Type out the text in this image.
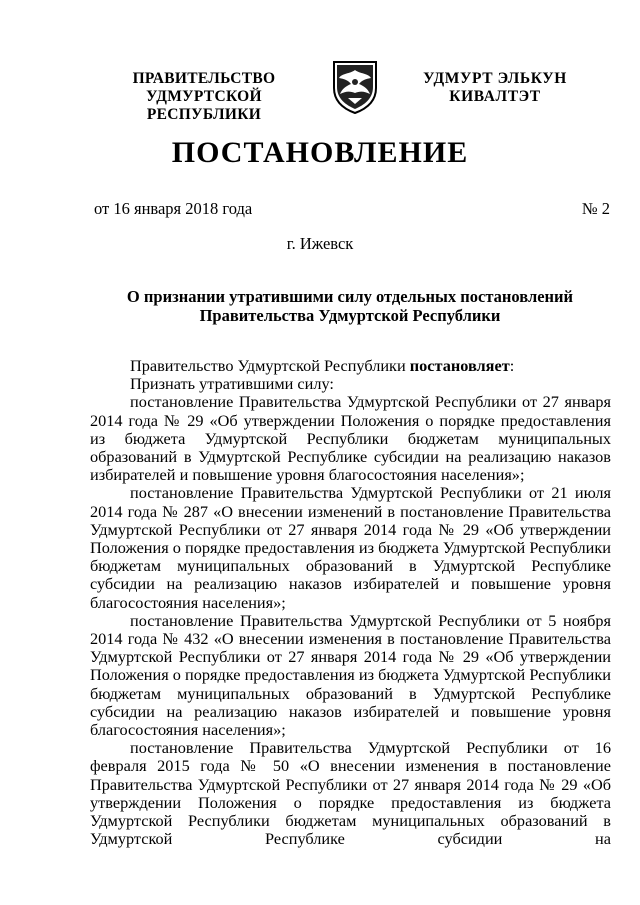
ПРАВИТЕЛЬСТВО
УДМУРТСКОЙ РЕСПУБЛИКИ
УДМУРТ ЭЛЬКУН
КИВАЛТЭТ
ПОСТАНОВЛЕНИЕ
от 16 января 2018 года	№ 2
г. Ижевск
О признании утратившими силу отдельных постановлений
Правительства Удмуртской Республики

Правительство Удмуртской Республики постановляет:

Признать утратившими силу:

постановление Правительства Удмуртской Республики от 27 января 2014 года № 29 «Об утверждении Положения о порядке предоставления из бюджета Удмуртской Республики бюджетам муниципальных образований в Удмуртской Республике субсидии на реализацию наказов избирателей и повышение уровня благосостояния населения»;

постановление Правительства Удмуртской Республики от 21 июля 2014 года № 287 «О внесении изменений в постановление Правительства Удмуртской Республики от 27 января 2014 года № 29 «Об утверждении Положения о порядке предоставления из бюджета Удмуртской Республики бюджетам муниципальных образований в Удмуртской Республике субсидии на реализацию наказов избирателей и повышение уровня благосостояния населения»;

постановление Правительства Удмуртской Республики от 5 ноября 2014 года № 432 «О внесении изменения в постановление Правительства Удмуртской Республики от 27 января 2014 года № 29 «Об утверждении Положения о порядке предоставления из бюджета Удмуртской Республики бюджетам муниципальных образований в Удмуртской Республике субсидии на реализацию наказов избирателей и повышение уровня благосостояния населения»;

постановление Правительства Удмуртской Республики от 16 февраля 2015 года № 50 «О внесении изменения в постановление Правительства Удмуртской Республики от 27 января 2014 года № 29 «Об утверждении Положения о порядке предоставления из бюджета Удмуртской Республики бюджетам муниципальных образований в Удмуртской Республике субсидии на
